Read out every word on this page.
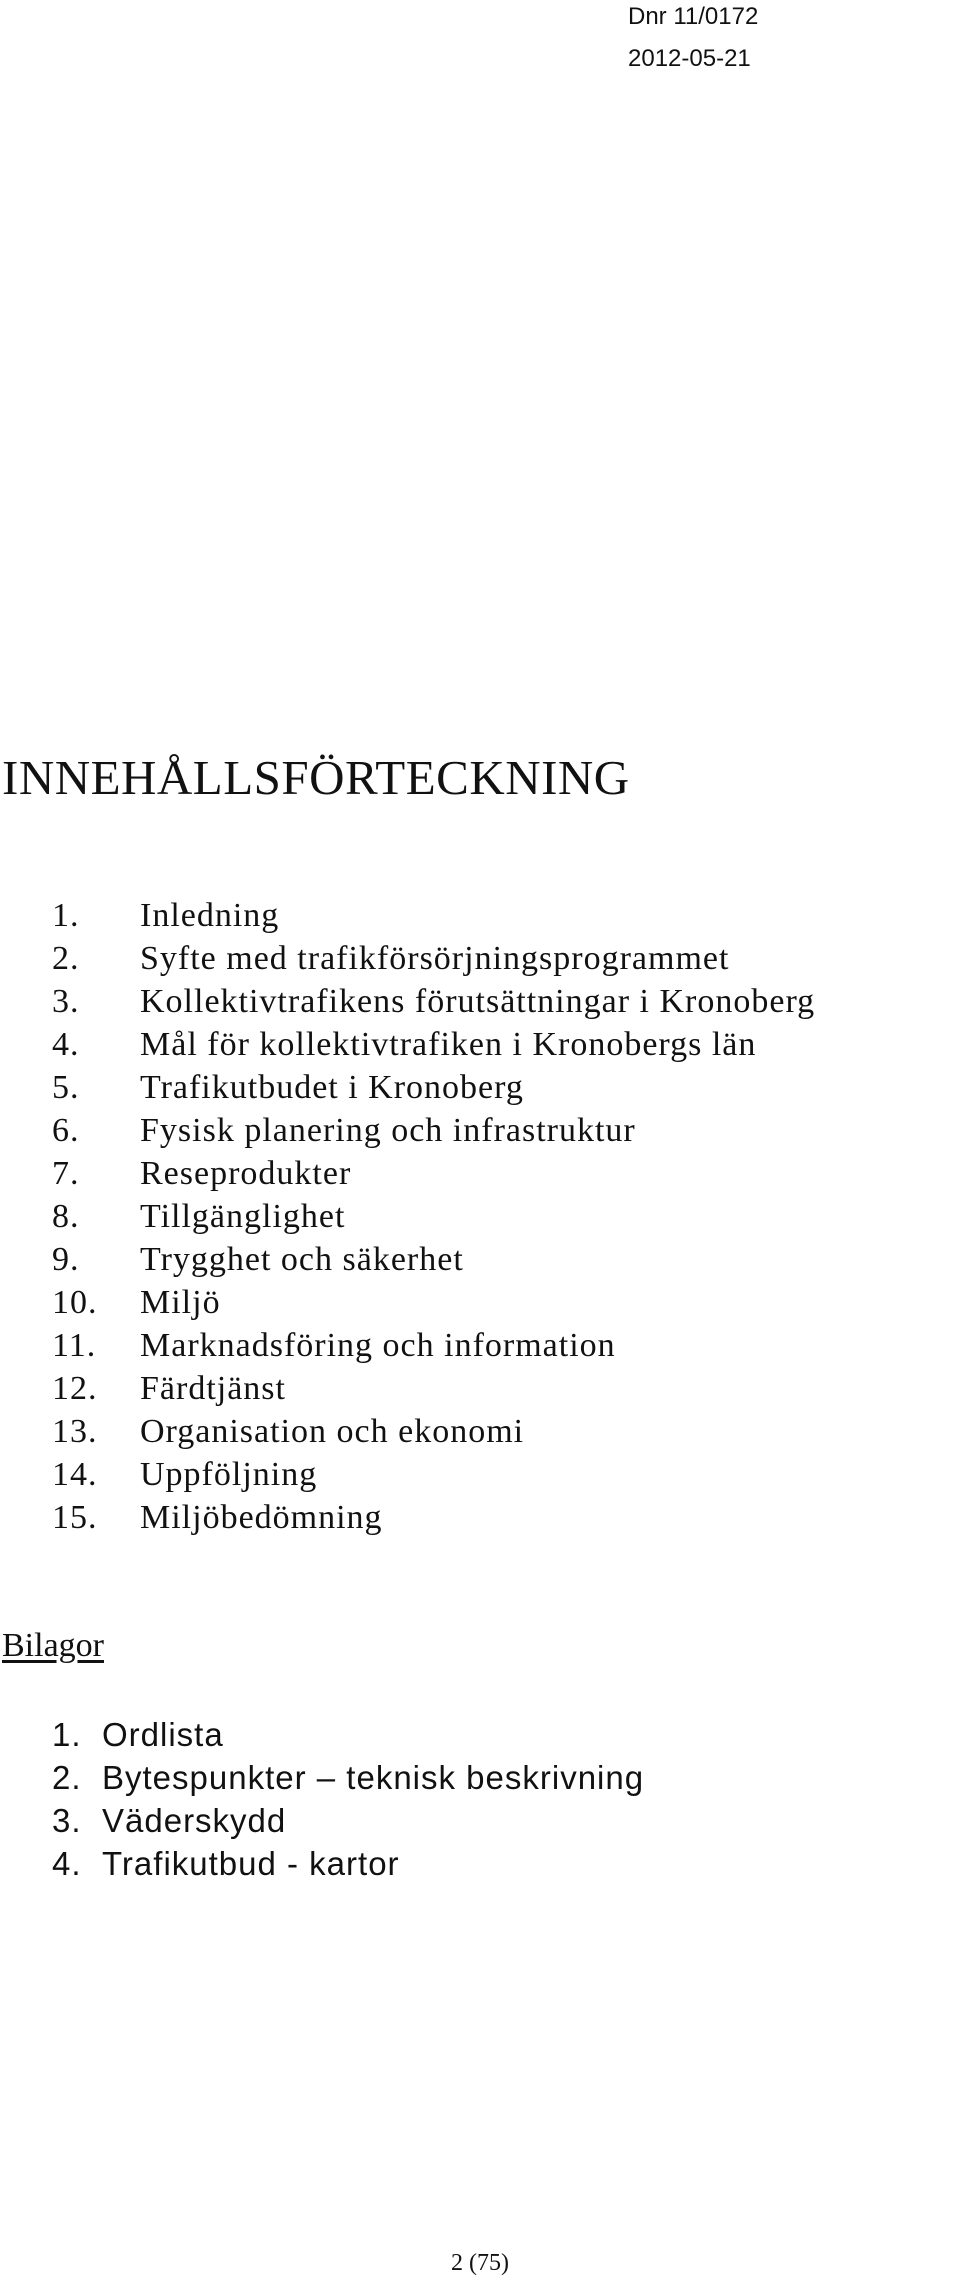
Dnr 11/0172
2012-05-21
INNEHÅLLSFÖRTECKNING
1.	Inledning
2.	Syfte med trafikförsörjningsprogrammet
3.	Kollektivtrafikens förutsättningar i Kronoberg
4.	Mål för kollektivtrafiken i Kronobergs län
5.	Trafikutbudet i Kronoberg
6.	Fysisk planering och infrastruktur
7.	Reseprodukter
8.	Tillgänglighet
9.	Trygghet och säkerhet
10.	Miljö
11.	Marknadsföring och information
12.	Färdtjänst
13.	Organisation och ekonomi
14.	Uppföljning
15.	Miljöbedömning
Bilagor
1. Ordlista
2. Bytespunkter – teknisk beskrivning
3. Väderskydd
4. Trafikutbud - kartor
2 (75)
